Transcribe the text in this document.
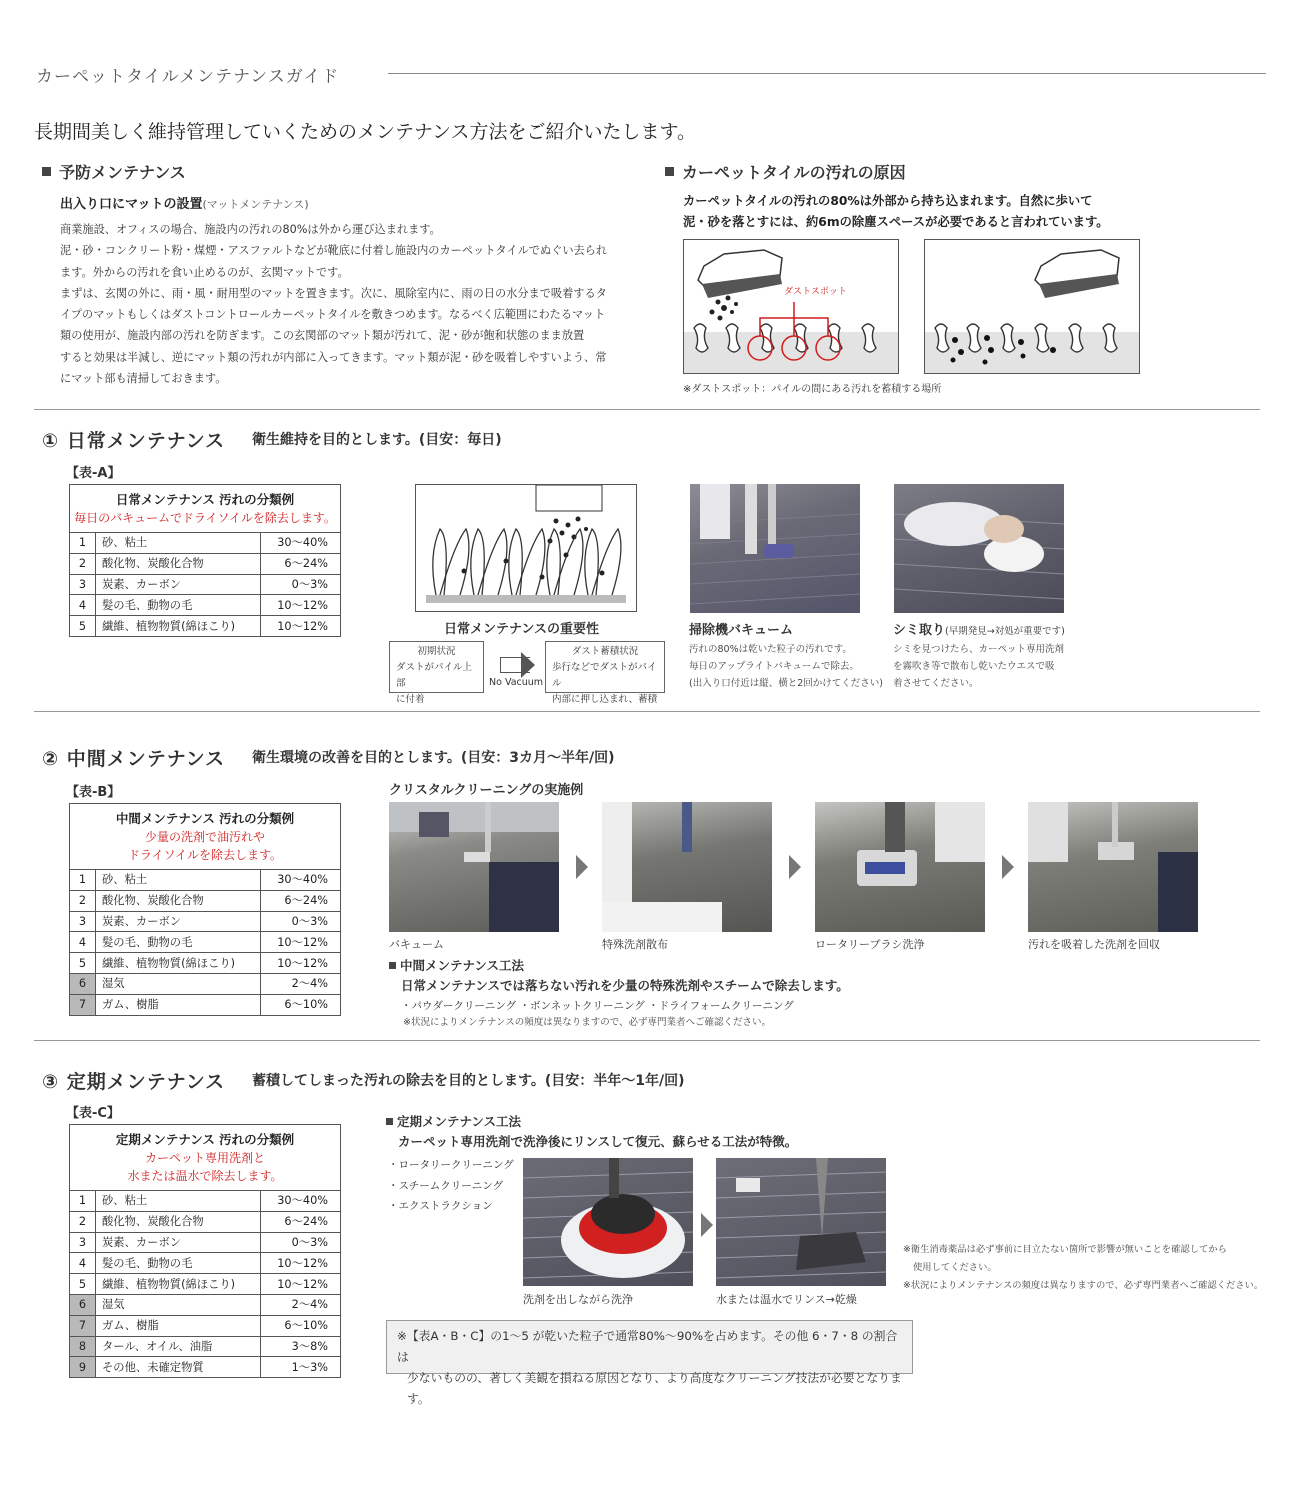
カーペットタイルメンテナンスガイド
長期間美しく維持管理していくためのメンテナンス方法をご紹介いたします。
予防メンテナンス
出入り口にマットの設置(マットメンテナンス)
商業施設、オフィスの場合、施設内の汚れの80%は外から運び込まれます。
泥・砂・コンクリート粉・煤煙・アスファルトなどが靴底に付着し施設内のカーペットタイルでぬぐい去られ
ます。外からの汚れを食い止めるのが、玄関マットです。
まずは、玄関の外に、雨・風・耐用型のマットを置きます。次に、風除室内に、雨の日の水分まで吸着するタ
イプのマットもしくはダストコントロールカーペットタイルを敷きつめます。なるべく広範囲にわたるマット
類の使用が、施設内部の汚れを防ぎます。この玄関部のマット類が汚れて、泥・砂が飽和状態のまま放置
すると効果は半減し、逆にマット類の汚れが内部に入ってきます。マット類が泥・砂を吸着しやすいよう、常
にマット部も清掃しておきます。
カーペットタイルの汚れの原因
カーペットタイルの汚れの80%は外部から持ち込まれます。自然に歩いて
泥・砂を落とすには、約6mの除塵スペースが必要であると言われています。
ダストスポット
※ダストスポット：パイルの間にある汚れを蓄積する場所
① 日常メンテナンス 衛生維持を目的とします。(目安：毎日)
【表-A】
日常メンテナンス 汚れの分類例
毎日のバキュームでドライソイルを除去します。		

1	砂、粘土	30〜40%
2	酸化物、炭酸化合物	6〜24%
3	炭素、カーボン	0〜3%
4	髪の毛、動物の毛	10〜12%
5	繊維、植物物質(綿ほこり)	10〜12%	日常メンテナンスの重要性
初期状況
ダストがパイル上部
に付着
No Vacuum
ダスト蓄積状況
歩行などでダストがパイル
内部に押し込まれ、蓄積
掃除機バキューム
汚れの80%は乾いた粒子の汚れです。
毎日のアップライトバキュームで除去。
(出入り口付近は縦、横と2回かけてください)
シミ取り(早期発見→対処が重要です)
シミを見つけたら、カーペット専用洗剤
を霧吹き等で散布し乾いたウエスで吸
着させてください。
② 中間メンテナンス 衛生環境の改善を目的とします。(目安：3カ月〜半年/回)
【表-B】
中間メンテナンス 汚れの分類例
少量の洗剤で油汚れや
ドライソイルを除去します。		

1	砂、粘土	30〜40%
2	酸化物、炭酸化合物	6〜24%
3	炭素、カーボン	0〜3%
4	髪の毛、動物の毛	10〜12%
5	繊維、植物物質(綿ほこり)	10〜12%
6	湿気	2〜4%
7	ガム、樹脂	6〜10%
クリスタルクリーニングの実施例
バキューム	特殊洗剤散布	ロータリーブラシ洗浄	汚れを吸着した洗剤を回収
中間メンテナンス工法
日常メンテナンスでは落ちない汚れを少量の特殊洗剤やスチームで除去します。
・パウダークリーニング ・ボンネットクリーニング ・ドライフォームクリーニング
※状況によりメンテナンスの頻度は異なりますので、必ず専門業者へご確認ください。
③ 定期メンテナンス 蓄積してしまった汚れの除去を目的とします。(目安：半年〜1年/回)
【表-C】
定期メンテナンス 汚れの分類例
カーペット専用洗剤と
水または温水で除去します。		

1	砂、粘土	30〜40%
2	酸化物、炭酸化合物	6〜24%
3	炭素、カーボン	0〜3%
4	髪の毛、動物の毛	10〜12%
5	繊維、植物物質(綿ほこり)	10〜12%
6	湿気	2〜4%
7	ガム、樹脂	6〜10%
8	タール、オイル、油脂	3〜8%
9	その他、未確定物質	1〜3%
定期メンテナンス工法
カーペット専用洗剤で洗浄後にリンスして復元、蘇らせる工法が特徴。
・ロータリークリーニング
・スチームクリーニング
・エクストラクション
洗剤を出しながら洗浄	水または温水でリンス→乾燥
※衛生消毒薬品は必ず事前に目立たない箇所で影響が無いことを確認してから
使用してください。
※状況によりメンテナンスの頻度は異なりますので、必ず専門業者へご確認ください。
※【表A・B・C】の1〜5 が乾いた粒子で通常80%〜90%を占めます。その他 6・7・8 の割合は
少ないものの、著しく美観を損ねる原因となり、より高度なクリーニング技法が必要となります。
